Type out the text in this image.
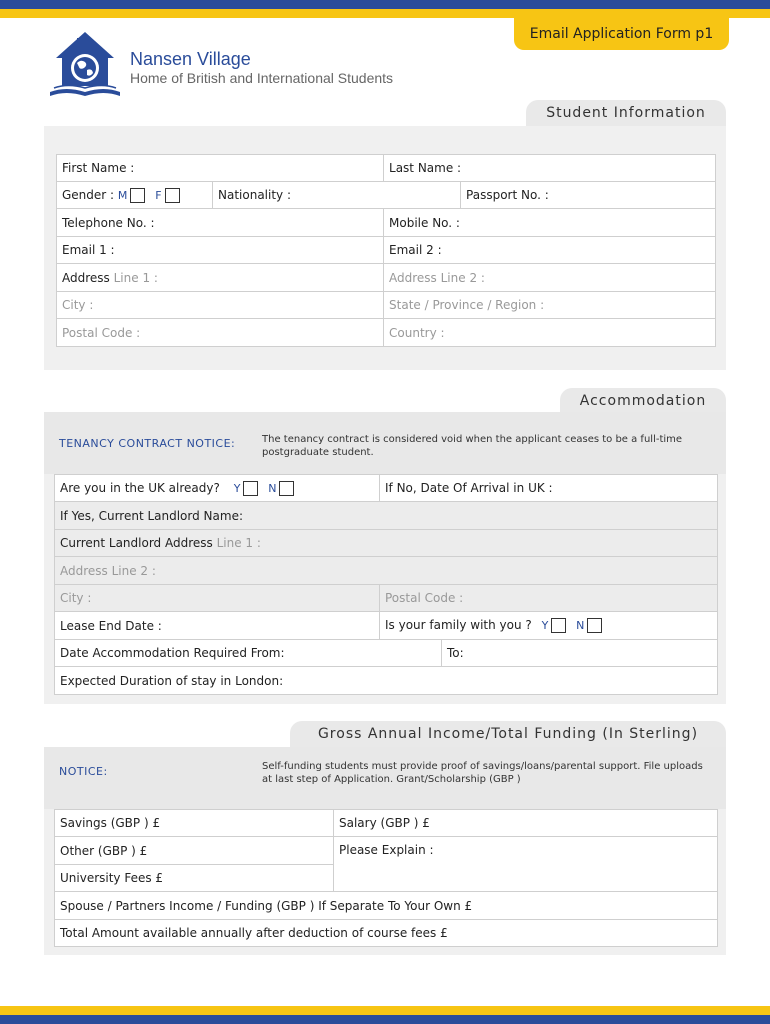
Email Application Form p1
Nansen Village
Home of British and International Students
Student Information
First Name :		Last Name :	
Gender : M F	Nationality :		Passport No. :
Telephone No. :		Mobile No. :	
Email 1 :		Email 2 :	
Address Line 1 :		Address Line 2 :	
City :		State / Province / Region :	
Postal Code :		Country :	
Accommodation
TENANCY CONTRACT NOTICE:	The tenancy contract is considered void when the applicant ceases to be a full-time postgraduate student.
Are you in the UK already? Y N	If No, Date Of Arrival in UK :	
If Yes, Current Landlord Name:		
Current Landlord Address Line 1 :		
Address Line 2 :		
City :	Postal Code :	
Lease End Date :	Is your family with you ? Y N	
Date Accommodation Required From:		To:
Expected Duration of stay in London:		
Gross Annual Income/Total Funding (In Sterling)
NOTICE:	Self-funding students must provide proof of savings/loans/parental support. File uploads at last step of Application. Grant/Scholarship (GBP )
Savings (GBP ) £	Salary (GBP ) £
Other (GBP ) £	Please Explain :
University Fees £	
Spouse / Partners Income / Funding (GBP ) If Separate To Your Own £	
Total Amount available annually after deduction of course fees £	
